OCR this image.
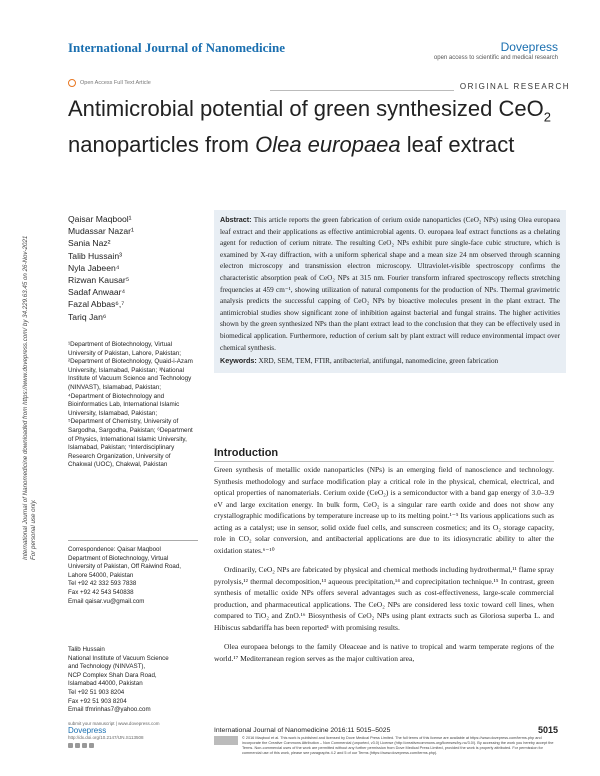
International Journal of Nanomedicine	Dovepress
open access to scientific and medical research
Open Access Full Text Article	ORIGINAL RESEARCH
Antimicrobial potential of green synthesized CeO$_2$
nanoparticles from Olea europaea leaf extract
International Journal of Nanomedicine downloaded from https://www.dovepress.com/ by 34.229.63.45 on 26-Nov-2021 For personal use only.
Qaisar Maqbool¹
Mudassar Nazar¹
Sania Naz²
Talib Hussain³
Nyla Jabeen⁴
Rizwan Kausar⁵
Sadaf Anwaar⁴
Fazal Abbas⁶,⁷
Tariq Jan⁶
¹Department of Biotechnology, Virtual University of Pakistan, Lahore, Pakistan; ²Department of Biotechnology, Quaid-i-Azam University, Islamabad, Pakistan; ³National Institute of Vacuum Science and Technology (NINVAST), Islamabad, Pakistan; ⁴Department of Biotechnology and Bioinformatics Lab, International Islamic University, Islamabad, Pakistan; ⁵Department of Chemistry, University of Sargodha, Sargodha, Pakistan; ⁶Department of Physics, International Islamic University, Islamabad, Pakistan; ⁷Interdisciplinary Research Organization, University of Chakwal (UOC), Chakwal, Pakistan
Correspondence: Qaisar Maqbool
Department of Biotechnology, Virtual
University of Pakistan, Off Raiwind Road,
Lahore 54000, Pakistan
Tel +92 42 332 593 7838
Fax +92 42 543 540838
Email qaisar.vu@gmail.com
Talib Hussain
National Institute of Vacuum Science
and Technology (NINVAST),
NCP Complex Shah Dara Road,
Islamabad 44000, Pakistan
Tel +92 51 903 8204
Fax +92 51 903 8204
Email tfmrinhas7@yahoo.com
Abstract: This article reports the green fabrication of cerium oxide nanoparticles (CeO₂ NPs) using Olea europaea leaf extract and their applications as effective antimicrobial agents. O. europaea leaf extract functions as a chelating agent for reduction of cerium nitrate. The resulting CeO₂ NPs exhibit pure single-face cubic structure, which is examined by X-ray diffraction, with a uniform spherical shape and a mean size 24 nm observed through scanning electron microscopy and transmission electron microscopy. Ultraviolet-visible spectroscopy confirms the characteristic absorption peak of CeO₂ NPs at 315 nm. Fourier transform infrared spectroscopy reflects stretching frequencies at 459 cm⁻¹, showing utilization of natural components for the production of NPs. Thermal gravimetric analysis predicts the successful capping of CeO₂ NPs by bioactive molecules present in the plant extract. The antimicrobial studies show significant zone of inhibition against bacterial and fungal strains. The higher activities shown by the green synthesized NPs than the plant extract lead to the conclusion that they can be effectively used in biomedical application. Furthermore, reduction of cerium salt by plant extract will reduce environmental impact over chemical synthesis.
Keywords: XRD, SEM, TEM, FTIR, antibacterial, antifungal, nanomedicine, green fabrication
Introduction

Green synthesis of metallic oxide nanoparticles (NPs) is an emerging field of nanoscience and technology. Synthesis methodology and surface modification play a critical role in the physical, chemical, electrical, and optical properties of nanomaterials. Cerium oxide (CeO₂) is a semiconductor with a band gap energy of 3.0–3.9 eV and large excitation energy. In bulk form, CeO₂ is a singular rare earth oxide and does not show any crystallographic modifications by temperature increase up to its melting point.¹⁻⁵ Its various applications such as acting as a catalyst; use in sensor, solid oxide fuel cells, and sunscreen cosmetics; and its O₂ storage capacity, role in CO₂ solar conversion, and antibacterial applications are due to its idiosyncratic ability to alter the oxidation states.⁶⁻¹⁰

Ordinarily, CeO₂ NPs are fabricated by physical and chemical methods including hydrothermal,¹¹ flame spray pyrolysis,¹² thermal decomposition,¹³ aqueous precipitation,¹⁴ and coprecipitation technique.¹⁵ In contrast, green synthesis of metallic oxide NPs offers several advantages such as cost-effectiveness, large-scale commercial production, and pharmaceutical applications. The CeO₂ NPs are considered less toxic toward cell lines, when compared to TiO₂ and ZnO.¹⁶ Biosynthesis of CeO₂ NPs using plant extracts such as Gloriosa superba L. and Hibiscus sabdariffa has been reported¹ with promising results.

Olea europaea belongs to the family Oleaceae and is native to tropical and warm temperate regions of the world.¹⁷ Mediterranean region serves as the major cultivation area,

submit your manuscript | www.dovepress.com
Dovepress
http://dx.doi.org/10.2147/IJN.S113508
International Journal of Nanomedicine 2016:11 5015–5025	5015
© 2016 Maqbool et al. This work is published and licensed by Dove Medical Press Limited. The full terms of this license are available at https://www.dovepress.com/terms.php and incorporate the Creative Commons Attribution – Non Commercial (unported, v3.0) License (http://creativecommons.org/licenses/by-nc/3.0/). By accessing the work you hereby accept the Terms. Non-commercial uses of the work are permitted without any further permission from Dove Medical Press Limited, provided the work is properly attributed. For permission for commercial use of this work, please see paragraphs 4.2 and 5 of our Terms (https://www.dovepress.com/terms.php).
